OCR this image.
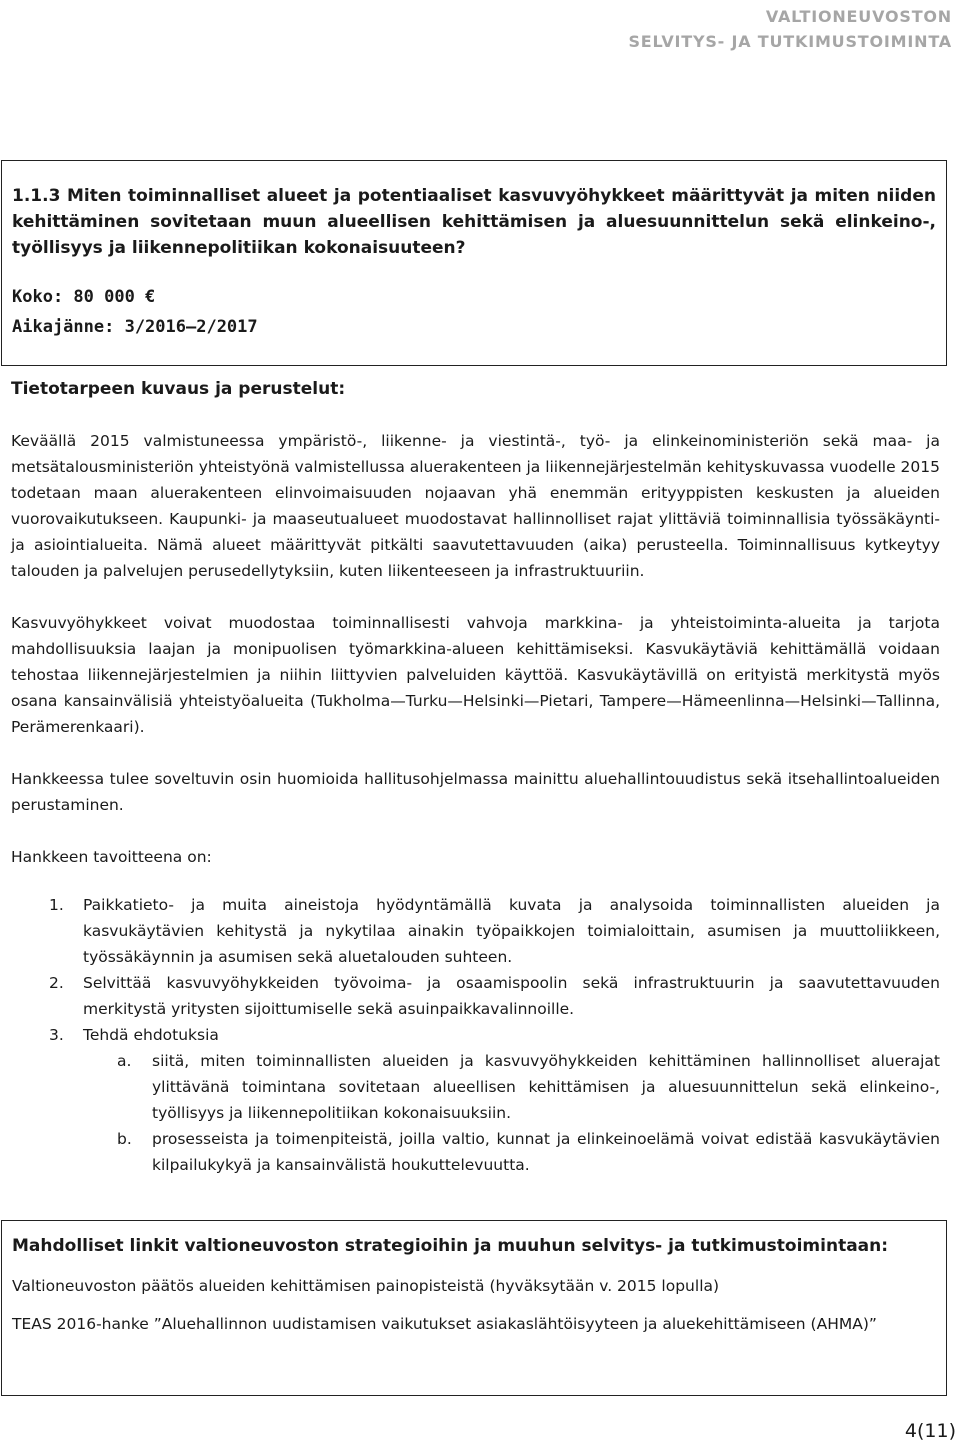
VALTIONEUVOSTON
SELVITYS- JA TUTKIMUSTOIMINTA
1.1.3 Miten toiminnalliset alueet ja potentiaaliset kasvuvyöhykkeet määrittyvät ja miten niiden kehittäminen sovitetaan muun alueellisen kehittämisen ja aluesuunnittelun sekä elinkeino-, työllisyys ja liikennepolitiikan kokonaisuuteen?
Koko: 80 000 €
Aikajänne: 3/2016—2/2017
Tietotarpeen kuvaus ja perustelut:

Keväällä 2015 valmistuneessa ympäristö-, liikenne- ja viestintä-, työ- ja elinkeinoministeriön sekä maa- ja metsätalousministeriön yhteistyönä valmistellussa aluerakenteen ja liikennejärjestelmän kehityskuvassa vuodelle 2015 todetaan maan aluerakenteen elinvoimaisuuden nojaavan yhä enemmän erityyppisten keskusten ja alueiden vuorovaikutukseen. Kaupunki- ja maaseutualueet muodostavat hallinnolliset rajat ylittäviä toiminnallisia työssäkäynti- ja asiointialueita. Nämä alueet määrittyvät pitkälti saavutettavuuden (aika) perusteella. Toiminnallisuus kytkeytyy talouden ja palvelujen perusedellytyksiin, kuten liikenteeseen ja infrastruktuuriin.

Kasvuvyöhykkeet voivat muodostaa toiminnallisesti vahvoja markkina- ja yhteistoiminta-alueita ja tarjota mahdollisuuksia laajan ja monipuolisen työmarkkina-alueen kehittämiseksi. Kasvukäytäviä kehittämällä voidaan tehostaa liikennejärjestelmien ja niihin liittyvien palveluiden käyttöä. Kasvukäytävillä on erityistä merkitystä myös osana kansainvälisiä yhteistyöalueita (Tukholma—Turku—Helsinki—Pietari, Tampere—Hämeenlinna—Helsinki—Tallinna, Perämerenkaari).

Hankkeessa tulee soveltuvin osin huomioida hallitusohjelmassa mainittu aluehallintouudistus sekä itsehallintoalueiden perustaminen.

Hankkeen tavoitteena on:

1. Paikkatieto- ja muita aineistoja hyödyntämällä kuvata ja analysoida toiminnallisten alueiden ja kasvukäytävien kehitystä ja nykytilaa ainakin työpaikkojen toimialoittain, asumisen ja muuttoliikkeen, työssäkäynnin ja asumisen sekä aluetalouden suhteen.
2. Selvittää kasvuvyöhykkeiden työvoima- ja osaamispoolin sekä infrastruktuurin ja saavutettavuuden merkitystä yritysten sijoittumiselle sekä asuinpaikkavalinnoille.
3. Tehdä ehdotuksia
a. siitä, miten toiminnallisten alueiden ja kasvuvyöhykkeiden kehittäminen hallinnolliset aluerajat ylittävänä toimintana sovitetaan alueellisen kehittämisen ja aluesuunnittelun sekä elinkeino-, työllisyys ja liikennepolitiikan kokonaisuuksiin.
b. prosesseista ja toimenpiteistä, joilla valtio, kunnat ja elinkeinoelämä voivat edistää kasvukäytävien kilpailukykyä ja kansainvälistä houkuttelevuutta.
Mahdolliset linkit valtioneuvoston strategioihin ja muuhun selvitys- ja tutkimustoimintaan:
Valtioneuvoston päätös alueiden kehittämisen painopisteistä (hyväksytään v. 2015 lopulla)
TEAS 2016-hanke ”Aluehallinnon uudistamisen vaikutukset asiakaslähtöisyyteen ja aluekehittämiseen (AHMA)”
4(11)
